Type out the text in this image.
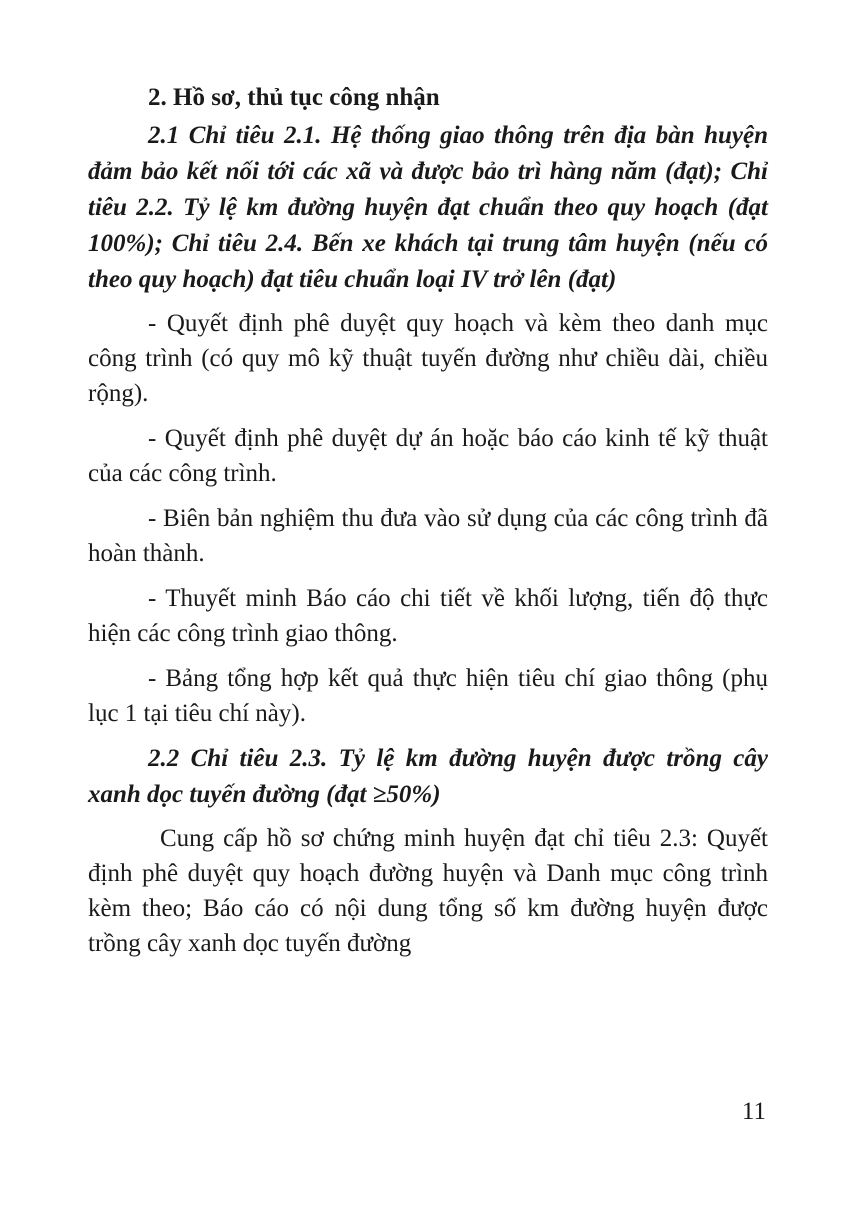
2. Hồ sơ, thủ tục công nhận

2.1 Chỉ tiêu 2.1. Hệ thống giao thông trên địa bàn huyện đảm bảo kết nối tới các xã và được bảo trì hàng năm (đạt); Chỉ tiêu 2.2. Tỷ lệ km đường huyện đạt chuẩn theo quy hoạch (đạt 100%); Chỉ tiêu 2.4. Bến xe khách tại trung tâm huyện (nếu có theo quy hoạch) đạt tiêu chuẩn loại IV trở lên (đạt)

- Quyết định phê duyệt quy hoạch và kèm theo danh mục công trình (có quy mô kỹ thuật tuyến đường như chiều dài, chiều rộng).

- Quyết định phê duyệt dự án hoặc báo cáo kinh tế kỹ thuật của các công trình.

- Biên bản nghiệm thu đưa vào sử dụng của các công trình đã hoàn thành.

- Thuyết minh Báo cáo chi tiết về khối lượng, tiến độ thực hiện các công trình giao thông.

- Bảng tổng hợp kết quả thực hiện tiêu chí giao thông (phụ lục 1 tại tiêu chí này).

2.2 Chỉ tiêu 2.3. Tỷ lệ km đường huyện được trồng cây xanh dọc tuyến đường (đạt ≥50%)

Cung cấp hồ sơ chứng minh huyện đạt chỉ tiêu 2.3: Quyết định phê duyệt quy hoạch đường huyện và Danh mục công trình kèm theo; Báo cáo có nội dung tổng số km đường huyện được trồng cây xanh dọc tuyến đường

11
